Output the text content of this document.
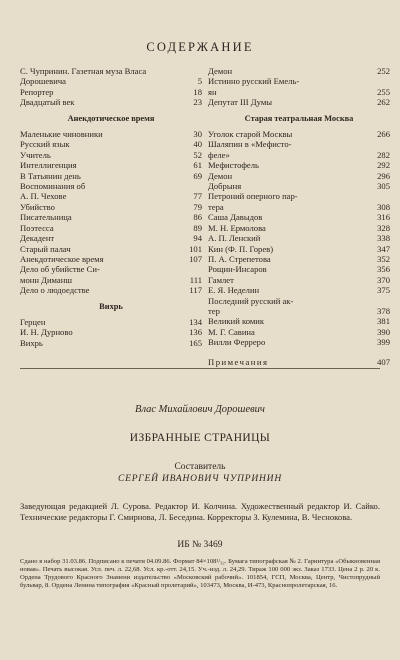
СОДЕРЖАНИЕ
С. Чупринин. Газетная муза Власа Дорошевича	5
Репортер	18
Двадцатый век	23
Анекдотическое время
Маленькие чиновники	30
Русский язык	40
Учитель	52
Интеллигенция	61
В Татьянин день	69
Воспоминания об
А. П. Чехове	77
Убийство	79
Писательница	86
Поэтесса	89
Декадент	94
Старый палач	101
Анекдотическое время	107
Дело об убийстве Си-
монн Диманш	111
Дело о людоедстве	117
Вихрь
Герцен	134
И. Н. Дурново	136
Вихрь	165
Демон	252
Истинно русский Емель-
ян	255
Депутат III Думы	262
Старая театральная Москва
Уголок старой Москвы	266
Шаляпин в «Мефисто-
феле»	282
Мефистофель	292
Демон	296
Добрыня	305
Петроний оперного пар-
тера	308
Саша Давыдов	316
М. Н. Ермолова	328
А. П. Ленский	338
Кин (Ф. П. Горев)	347
П. А. Стрепетова	352
Рощин-Инсаров	356
Гамлет	370
Е. Я. Неделин	375
Последний русский ак-
тер	378
Великий комик	381
М. Г. Савина	390
Вилли Ферреро	399
Примечания	407
Влас Михайлович Дорошевич
ИЗБРАННЫЕ СТРАНИЦЫ
Составитель
СЕРГЕЙ ИВАНОВИЧ ЧУПРИНИН
Заведующая редакцией Л. Сурова. Редактор И. Колчина. Художественный редактор И. Сайко. Технические редакторы Г. Смирнова, Л. Беседина. Корректоры З. Кулемина, В. Чеснокова.
ИБ № 3469
Сдано в набор 31.03.86. Подписано к печати 04.09.86. Формат 84×108¹/₃₂. Бумага типографская № 2. Гарнитура «Обыкновенная новая». Печать высокая. Усл. печ. л. 22,68. Усл. кр.-отт. 24,15. Уч.-изд. л. 24,29. Тираж 100 000 экз. Заказ 1733. Цена 2 р. 20 к. Ордена Трудового Красного Знамени издательство «Московский рабочий». 101854, ГСП, Москва, Центр, Чистопрудный бульвар, 8. Ордена Ленина типография «Красный пролетарий», 103473, Москва, И-473, Краснопролетарская, 16.
